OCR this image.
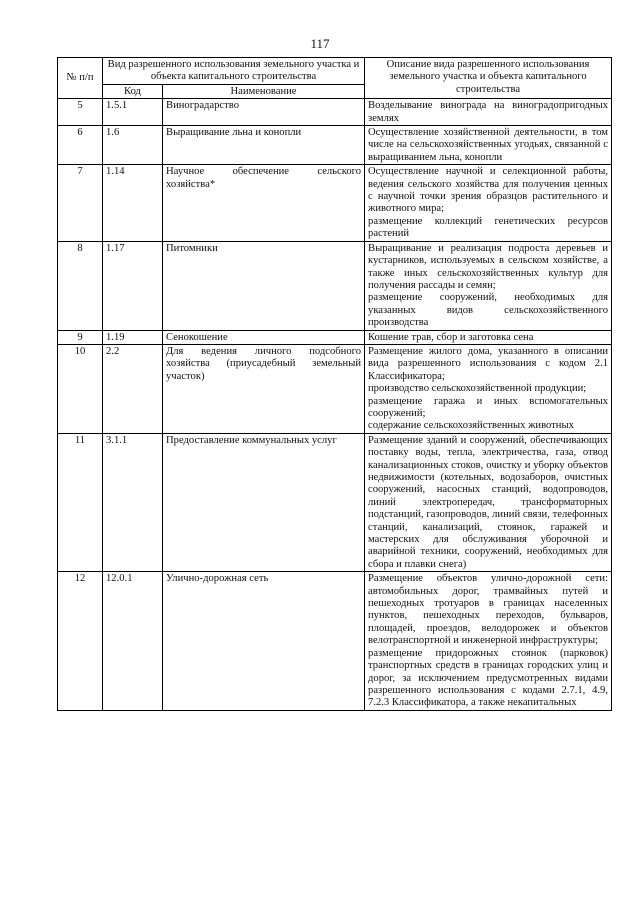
117
№ п/п	Вид разрешенного использования земельного участка и объекта капитального строительства		Описание вида разрешенного использования земельного участка и объекта капитального строительства
	Код	Наименование	
5	1.5.1	Виноградарство	Возделывание винограда на виноградопригодных землях

6	1.6	Выращивание льна и конопли	Осуществление хозяйственной деятельности, в том числе на сельскохозяйственных угодьях, связанной с выращиванием льна, конопли

7	1.14	Научное обеспечение сельского хозяйства*	Осуществление научной и селекционной работы, ведения сельского хозяйства для получения ценных с научной точки зрения образцов растительного и животного мира;
размещение коллекций генетических ресурсов растений

8	1.17	Питомники	Выращивание и реализация подроста деревьев и кустарников, используемых в сельском хозяйстве, а также иных сельскохозяйственных культур для получения рассады и семян;
размещение сооружений, необходимых для указанных видов сельскохозяйственного производства

9	1.19	Сенокошение	Кошение трав, сбор и заготовка сена

10	2.2	Для ведения личного подсобного хозяйства (приусадебный земельный участок)	Размещение жилого дома, указанного в описании вида разрешенного использования с кодом 2.1 Классификатора;
производство сельскохозяйственной продукции;
размещение гаража и иных вспомогательных сооружений;
содержание сельскохозяйственных животных

11	3.1.1	Предоставление коммунальных услуг	Размещение зданий и сооружений, обеспечивающих поставку воды, тепла, электричества, газа, отвод канализационных стоков, очистку и уборку объектов недвижимости (котельных, водозаборов, очистных сооружений, насосных станций, водопроводов, линий электропередач, трансформаторных подстанций, газопроводов, линий связи, телефонных станций, канализаций, стоянок, гаражей и мастерских для обслуживания уборочной и аварийной техники, сооружений, необходимых для сбора и плавки снега)

12	12.0.1	Улично-дорожная сеть	Размещение объектов улично-дорожной сети: автомобильных дорог, трамвайных путей и пешеходных тротуаров в границах населенных пунктов, пешеходных переходов, бульваров, площадей, проездов, велодорожек и объектов велотранспортной и инженерной инфраструктуры;
размещение придорожных стоянок (парковок) транспортных средств в границах городских улиц и дорог, за исключением предусмотренных видами разрешенного использования с кодами 2.7.1, 4.9, 7.2.3 Классификатора, а также некапитальных
